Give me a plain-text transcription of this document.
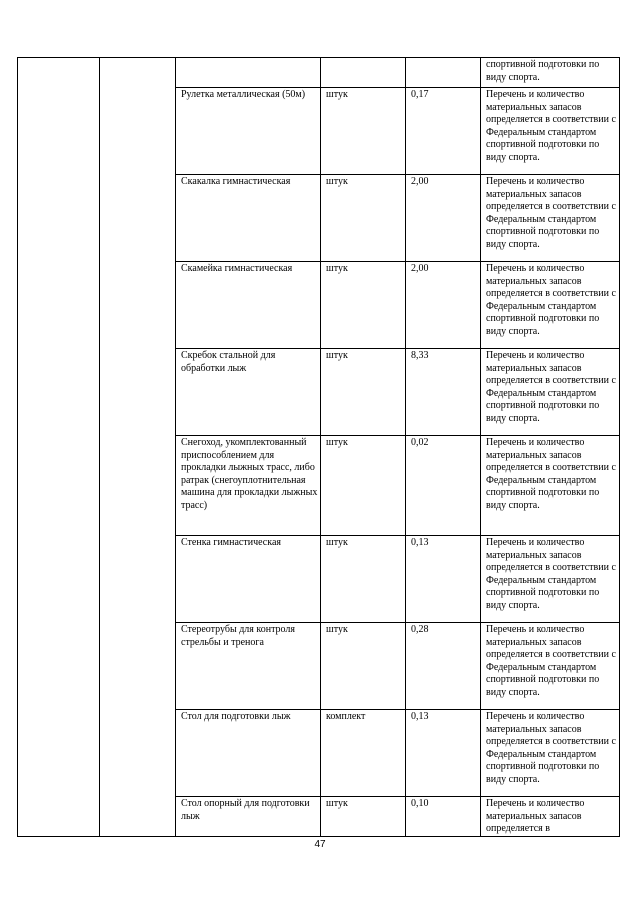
					спортивной подготовки по виду спорта.
		Рулетка металлическая (50м)	штук	0,17	Перечень и количество материальных запасов определяется в соответствии с Федеральным стандартом спортивной подготовки по виду спорта.
		Скакалка гимнастическая	штук	2,00	Перечень и количество материальных запасов определяется в соответствии с Федеральным стандартом спортивной подготовки по виду спорта.
		Скамейка гимнастическая	штук	2,00	Перечень и количество материальных запасов определяется в соответствии с Федеральным стандартом спортивной подготовки по виду спорта.
		Скребок стальной для обработки лыж	штук	8,33	Перечень и количество материальных запасов определяется в соответствии с Федеральным стандартом спортивной подготовки по виду спорта.
		Снегоход, укомплектованный приспособлением для прокладки лыжных трасс, либо ратрак (снегоуплотнительная машина для прокладки лыжных трасс)	штук	0,02	Перечень и количество материальных запасов определяется в соответствии с Федеральным стандартом спортивной подготовки по виду спорта.
		Стенка гимнастическая	штук	0,13	Перечень и количество материальных запасов определяется в соответствии с Федеральным стандартом спортивной подготовки по виду спорта.
		Стереотрубы для контроля стрельбы и тренога	штук	0,28	Перечень и количество материальных запасов определяется в соответствии с Федеральным стандартом спортивной подготовки по виду спорта.
		Стол для подготовки лыж	комплект	0,13	Перечень и количество материальных запасов определяется в соответствии с Федеральным стандартом спортивной подготовки по виду спорта.
		Стол опорный для подготовки лыж	штук	0,10	Перечень и количество материальных запасов определяется в
47
